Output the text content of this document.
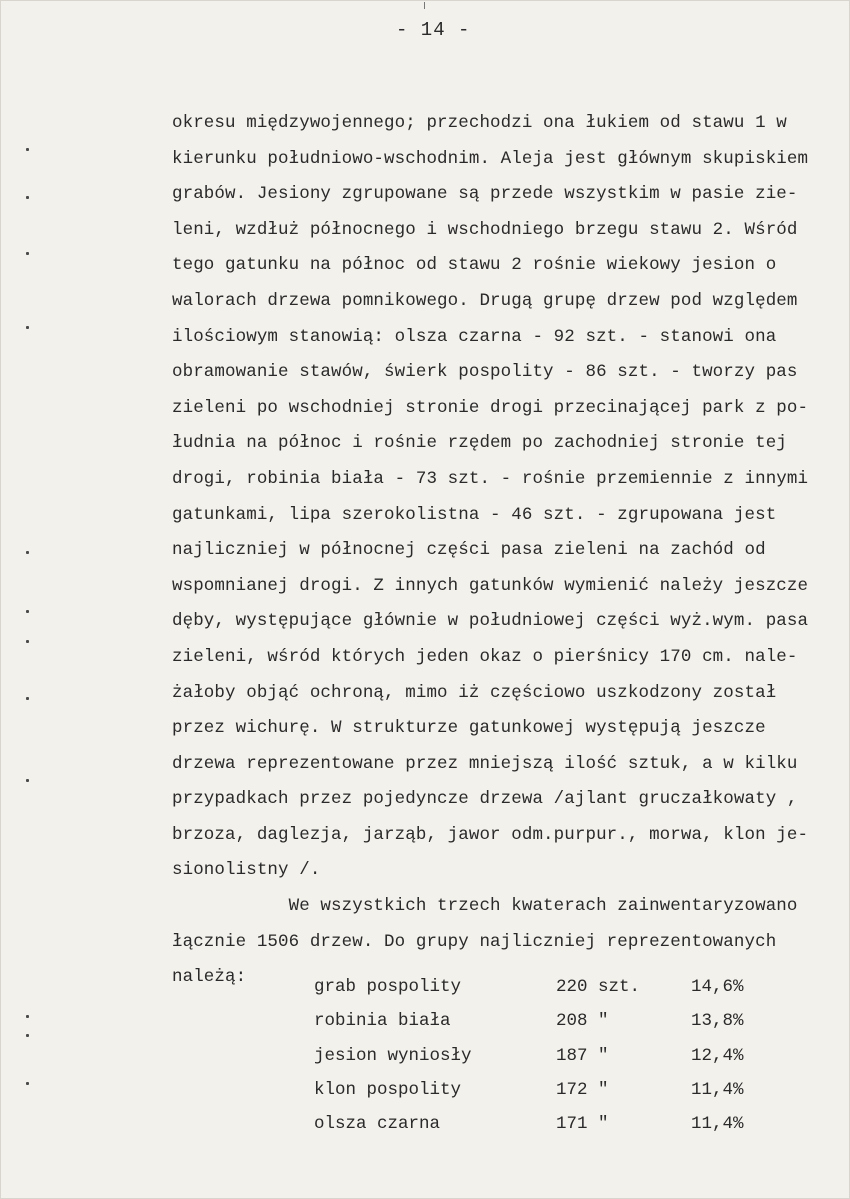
- 14 -
okresu międzywojennego; przechodzi ona łukiem od stawu 1 w
kierunku południowo-wschodnim. Aleja jest głównym skupiskiem
grabów. Jesiony zgrupowane są przede wszystkim w pasie zie-
leni, wzdłuż północnego i wschodniego brzegu stawu 2. Wśród
tego gatunku na północ od stawu 2 rośnie wiekowy jesion o
walorach drzewa pomnikowego. Drugą grupę drzew pod względem
ilościowym stanowią: olsza czarna - 92 szt. - stanowi ona
obramowanie stawów, świerk pospolity - 86 szt. - tworzy pas
zieleni po wschodniej stronie drogi przecinającej park z po-
łudnia na północ i rośnie rzędem po zachodniej stronie tej
drogi, robinia biała - 73 szt. - rośnie przemiennie z innymi
gatunkami, lipa szerokolistna - 46 szt. - zgrupowana jest
najliczniej w północnej części pasa zieleni na zachód od
wspomnianej drogi. Z innych gatunków wymienić należy jeszcze
dęby, występujące głównie w południowej części wyż.wym. pasa
zieleni, wśród których jeden okaz o pierśnicy 170 cm. nale-
żałoby objąć ochroną, mimo iż częściowo uszkodzony został
przez wichurę. W strukturze gatunkowej występują jeszcze
drzewa reprezentowane przez mniejszą ilość sztuk, a w kilku
przypadkach przez pojedyncze drzewa /ajlant gruczałkowaty ,
brzoza, daglezja, jarząb, jawor odm.purpur., morwa, klon je-
sionolistny /.
We wszystkich trzech kwaterach zainwentaryzowano
łącznie 1506 drzew. Do grupy najliczniej reprezentowanych
należą:	grab pospolity	220 szt.	14,6%
robinia biała	208 "	13,8%
jesion wyniosły	187 "	12,4%
klon pospolity	172 "	11,4%
olsza czarna	171 "	11,4%
